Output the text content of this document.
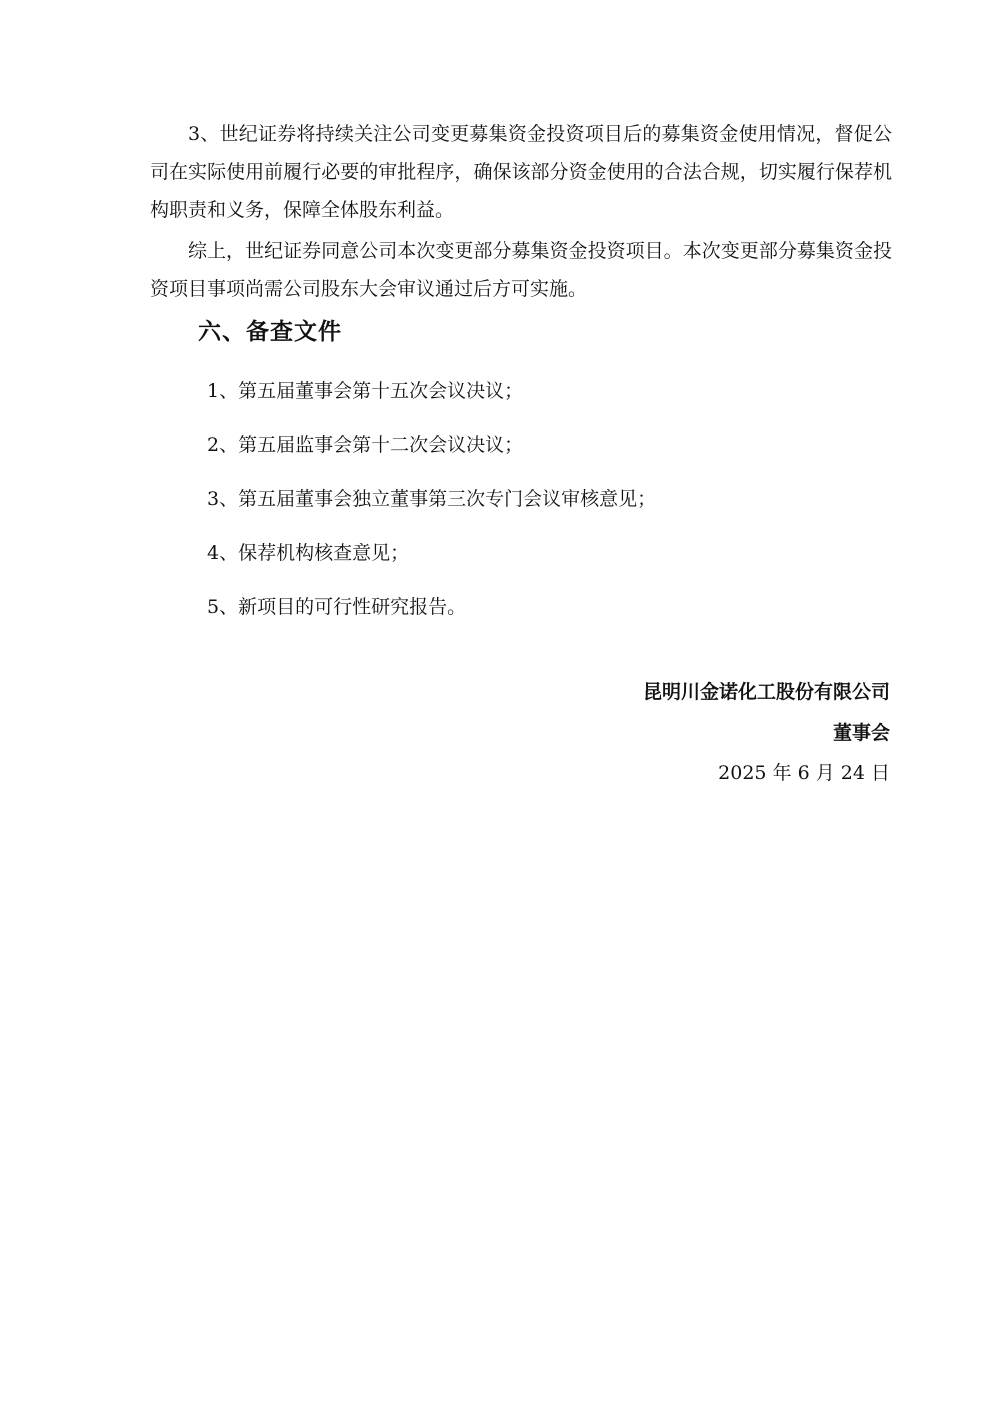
3、世纪证券将持续关注公司变更募集资金投资项目后的募集资金使用情况，督促公司在实际使用前履行必要的审批程序，确保该部分资金使用的合法合规，切实履行保荐机构职责和义务，保障全体股东利益。

综上，世纪证券同意公司本次变更部分募集资金投资项目。本次变更部分募集资金投资项目事项尚需公司股东大会审议通过后方可实施。

六、备查文件
1、第五届董事会第十五次会议决议；
2、第五届监事会第十二次会议决议；
3、第五届董事会独立董事第三次专门会议审核意见；
4、保荐机构核查意见；
5、新项目的可行性研究报告。

昆明川金诺化工股份有限公司

董事会

2025 年 6 月 24 日
